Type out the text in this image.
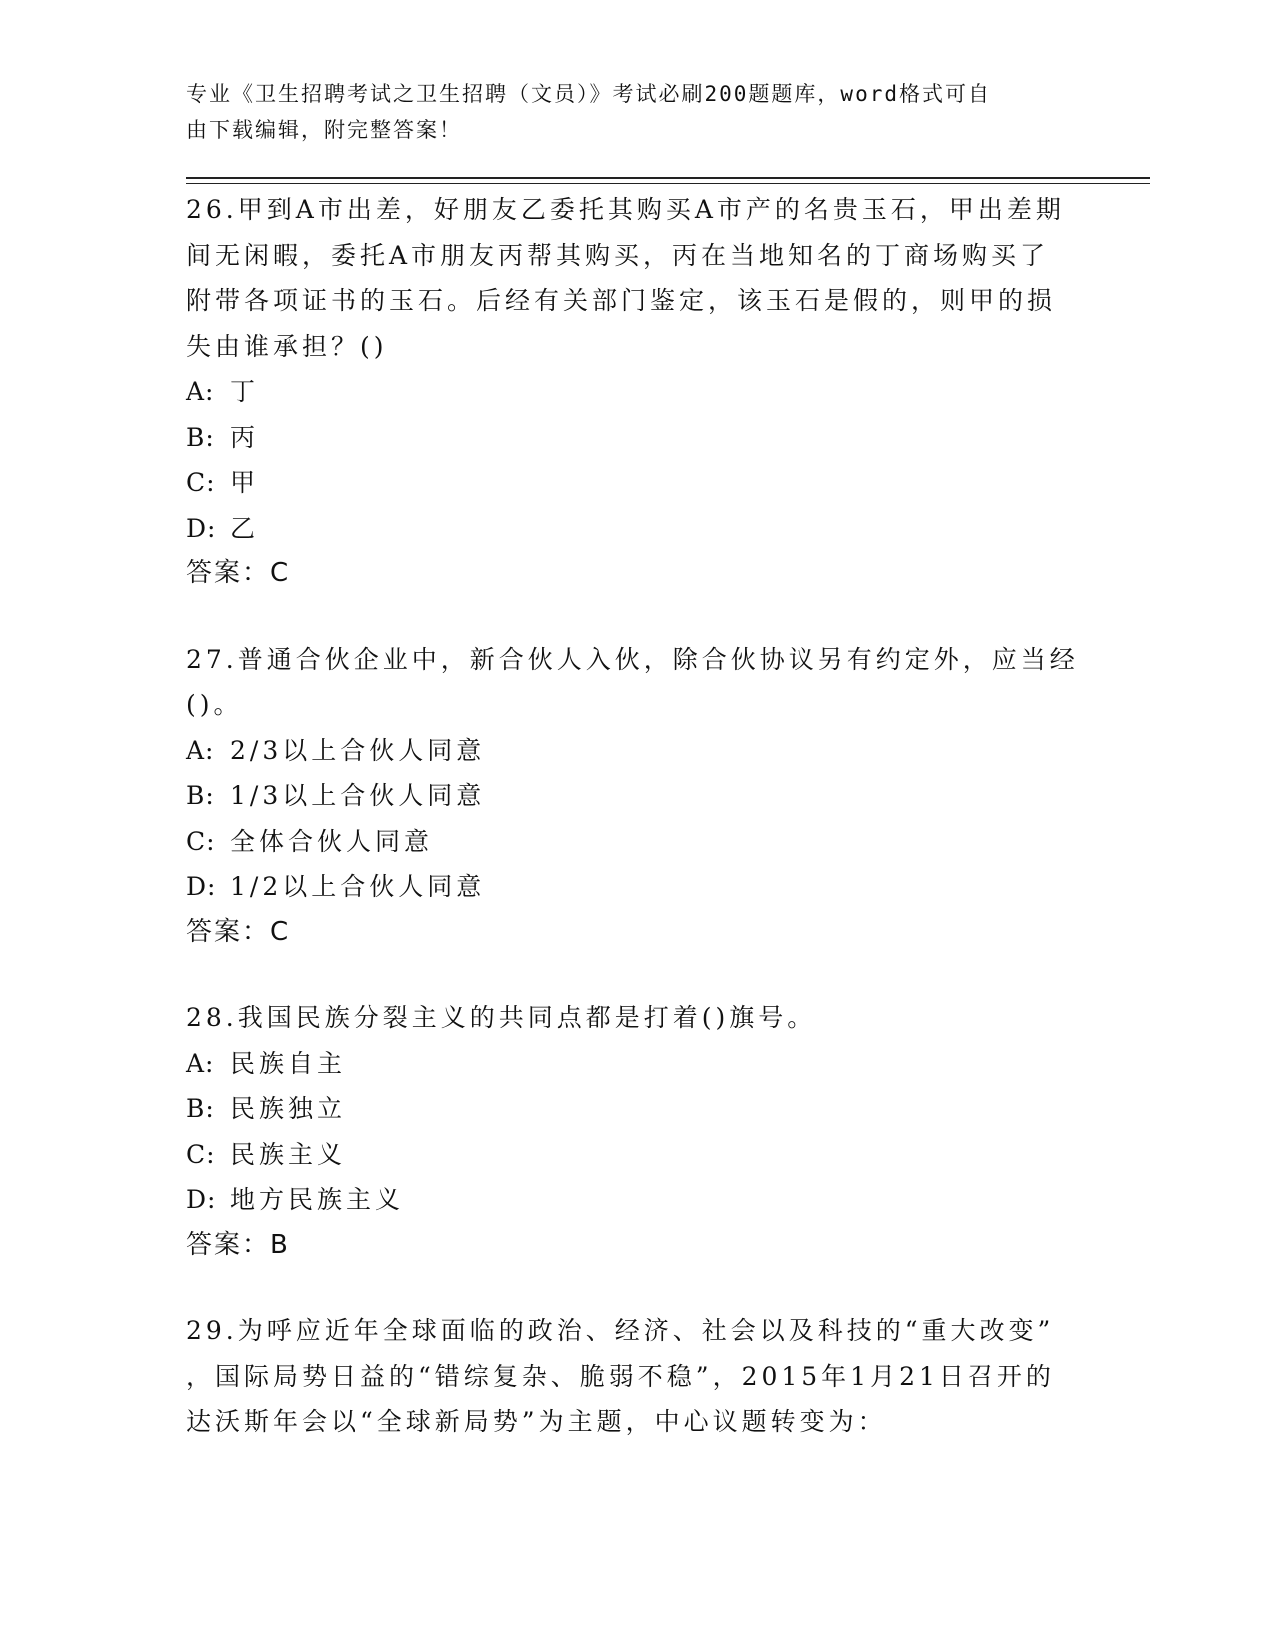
专业《卫生招聘考试之卫生招聘（文员）》考试必刷200题题库，word格式可自
由下载编辑，附完整答案！

26.甲到A市出差，好朋友乙委托其购买A市产的名贵玉石，甲出差期
间无闲暇，委托A市朋友丙帮其购买，丙在当地知名的丁商场购买了
附带各项证书的玉石。后经有关部门鉴定，该玉石是假的，则甲的损
失由谁承担？()

A: 丁

B: 丙

C: 甲

D: 乙

答案：C

27.普通合伙企业中，新合伙人入伙，除合伙协议另有约定外，应当经
()。

A: 2/3以上合伙人同意

B: 1/3以上合伙人同意

C: 全体合伙人同意

D: 1/2以上合伙人同意

答案：C

28.我国民族分裂主义的共同点都是打着()旗号。

A: 民族自主

B: 民族独立

C: 民族主义

D: 地方民族主义

答案：B

29.为呼应近年全球面临的政治、经济、社会以及科技的“重大改变”
，国际局势日益的“错综复杂、脆弱不稳”，2015年1月21日召开的
达沃斯年会以“全球新局势”为主题，中心议题转变为：
